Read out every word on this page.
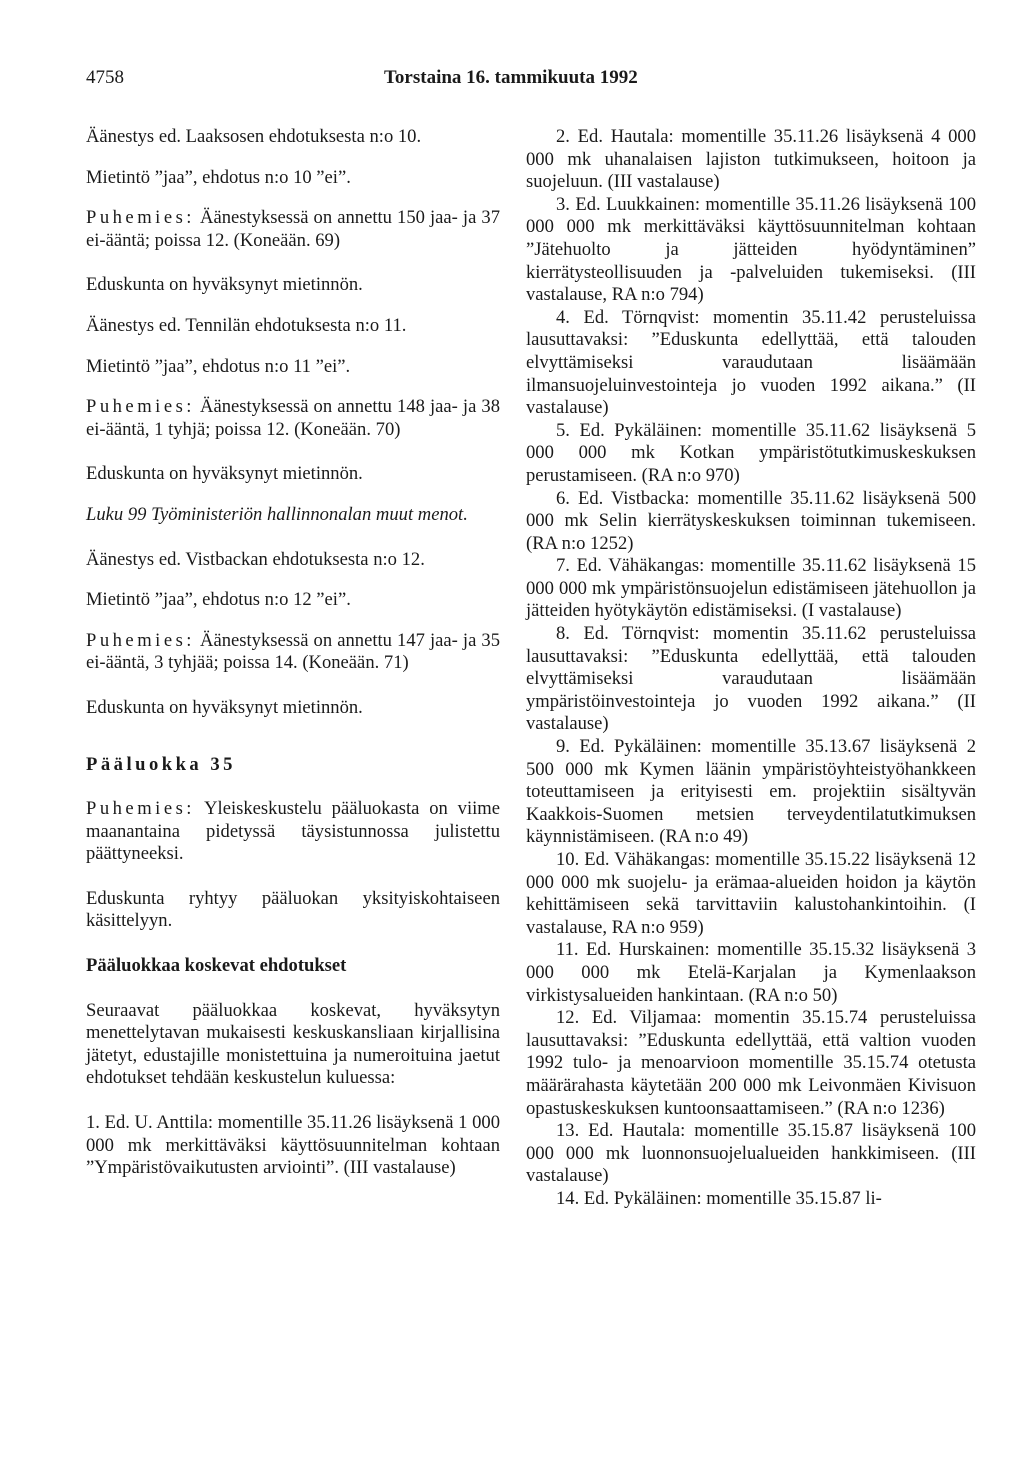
4758	Torstaina 16. tammikuuta 1992

Äänestys ed. Laaksosen ehdotuksesta n:o 10.

Mietintö ”jaa”, ehdotus n:o 10 ”ei”.

Puhemies: Äänestyksessä on annettu 150 jaa- ja 37 ei-ääntä; poissa 12. (Koneään. 69)

Eduskunta on hyväksynyt mietinnön.

Äänestys ed. Tennilän ehdotuksesta n:o 11.

Mietintö ”jaa”, ehdotus n:o 11 ”ei”.

Puhemies: Äänestyksessä on annettu 148 jaa- ja 38 ei-ääntä, 1 tyhjä; poissa 12. (Koneään. 70)

Eduskunta on hyväksynyt mietinnön.

Luku 99 Työministeriön hallinnonalan muut menot.

Äänestys ed. Vistbackan ehdotuksesta n:o 12.

Mietintö ”jaa”, ehdotus n:o 12 ”ei”.

Puhemies: Äänestyksessä on annettu 147 jaa- ja 35 ei-ääntä, 3 tyhjää; poissa 14. (Koneään. 71)

Eduskunta on hyväksynyt mietinnön.

Pääluokka 35

Puhemies: Yleiskeskustelu pääluokasta on viime maanantaina pidetyssä täysistunnossa julistettu päättyneeksi.

Eduskunta ryhtyy pääluokan yksityiskohtaiseen käsittelyyn.

Pääluokkaa koskevat ehdotukset

Seuraavat pääluokkaa koskevat, hyväksytyn menettelytavan mukaisesti keskuskansliaan kirjallisina jätetyt, edustajille monistettuina ja numeroituina jaetut ehdotukset tehdään keskustelun kuluessa:

1. Ed. U. Anttila: momentille 35.11.26 lisäyksenä 1 000 000 mk merkittäväksi käyttösuunnitelman kohtaan ”Ympäristövaikutusten arviointi”. (III vastalause)

2. Ed. Hautala: momentille 35.11.26 lisäyksenä 4 000 000 mk uhanalaisen lajiston tutkimukseen, hoitoon ja suojeluun. (III vastalause)

3. Ed. Luukkainen: momentille 35.11.26 lisäyksenä 100 000 000 mk merkittäväksi käyttösuunnitelman kohtaan ”Jätehuolto ja jätteiden hyödyntäminen” kierrätysteollisuuden ja -palveluiden tukemiseksi. (III vastalause, RA n:o 794)

4. Ed. Törnqvist: momentin 35.11.42 perusteluissa lausuttavaksi: ”Eduskunta edellyttää, että talouden elvyttämiseksi varaudutaan lisäämään ilmansuojeluinvestointeja jo vuoden 1992 aikana.” (II vastalause)

5. Ed. Pykäläinen: momentille 35.11.62 lisäyksenä 5 000 000 mk Kotkan ympäristötutkimuskeskuksen perustamiseen. (RA n:o 970)

6. Ed. Vistbacka: momentille 35.11.62 lisäyksenä 500 000 mk Selin kierrätyskeskuksen toiminnan tukemiseen. (RA n:o 1252)

7. Ed. Vähäkangas: momentille 35.11.62 lisäyksenä 15 000 000 mk ympäristönsuojelun edistämiseen jätehuollon ja jätteiden hyötykäytön edistämiseksi. (I vastalause)

8. Ed. Törnqvist: momentin 35.11.62 perusteluissa lausuttavaksi: ”Eduskunta edellyttää, että talouden elvyttämiseksi varaudutaan lisäämään ympäristöinvestointeja jo vuoden 1992 aikana.” (II vastalause)

9. Ed. Pykäläinen: momentille 35.13.67 lisäyksenä 2 500 000 mk Kymen läänin ympäristöyhteistyöhankkeen toteuttamiseen ja erityisesti em. projektiin sisältyvän Kaakkois-Suomen metsien terveydentilatutkimuksen käynnistämiseen. (RA n:o 49)

10. Ed. Vähäkangas: momentille 35.15.22 lisäyksenä 12 000 000 mk suojelu- ja erämaa-alueiden hoidon ja käytön kehittämiseen sekä tarvittaviin kalustohankintoihin. (I vastalause, RA n:o 959)

11. Ed. Hurskainen: momentille 35.15.32 lisäyksenä 3 000 000 mk Etelä-Karjalan ja Kymenlaakson virkistysalueiden hankintaan. (RA n:o 50)

12. Ed. Viljamaa: momentin 35.15.74 perusteluissa lausuttavaksi: ”Eduskunta edellyttää, että valtion vuoden 1992 tulo- ja menoarvioon momentille 35.15.74 otetusta määrärahasta käytetään 200 000 mk Leivonmäen Kivisuon opastuskeskuksen kuntoonsaattamiseen.” (RA n:o 1236)

13. Ed. Hautala: momentille 35.15.87 lisäyksenä 100 000 000 mk luonnonsuojelualueiden hankkimiseen. (III vastalause)

14. Ed. Pykäläinen: momentille 35.15.87 li-
